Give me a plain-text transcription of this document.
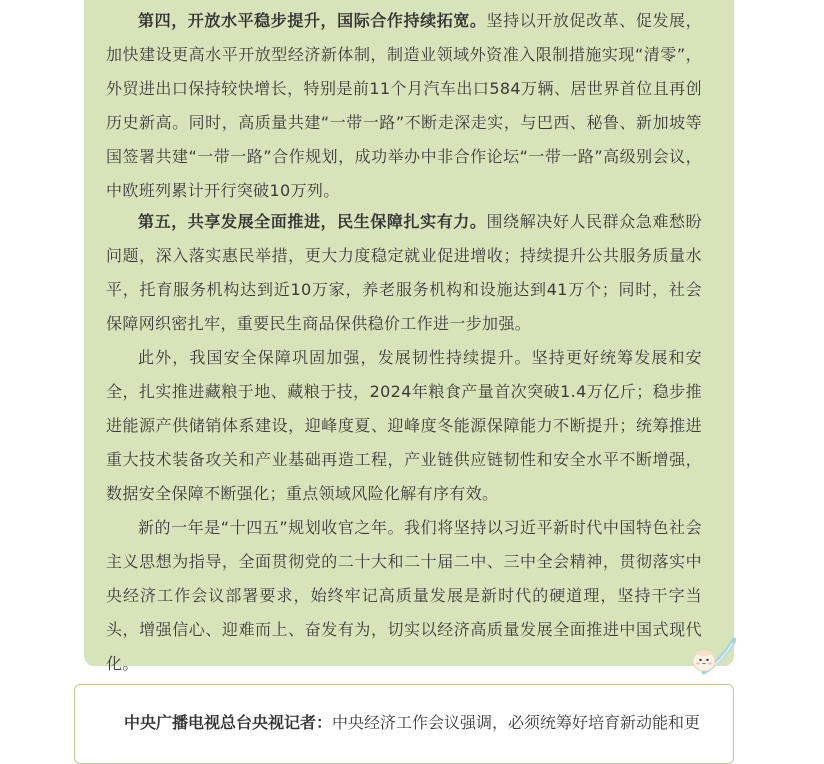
第四，开放水平稳步提升，国际合作持续拓宽。坚持以开放促改革、促发展，加快建设更高水平开放型经济新体制，制造业领域外资准入限制措施实现“清零”，外贸进出口保持较快增长，特别是前11个月汽车出口584万辆、居世界首位且再创历史新高。同时，高质量共建“一带一路”不断走深走实，与巴西、秘鲁、新加坡等国签署共建“一带一路”合作规划，成功举办中非合作论坛“一带一路”高级别会议，中欧班列累计开行突破10万列。

第五，共享发展全面推进，民生保障扎实有力。围绕解决好人民群众急难愁盼问题，深入落实惠民举措，更大力度稳定就业促进增收；持续提升公共服务质量水平，托育服务机构达到近10万家，养老服务机构和设施达到41万个；同时，社会保障网织密扎牢，重要民生商品保供稳价工作进一步加强。

此外，我国安全保障巩固加强，发展韧性持续提升。坚持更好统筹发展和安全，扎实推进藏粮于地、藏粮于技，2024年粮食产量首次突破1.4万亿斤；稳步推进能源产供储销体系建设，迎峰度夏、迎峰度冬能源保障能力不断提升；统筹推进重大技术装备攻关和产业基础再造工程，产业链供应链韧性和安全水平不断增强，数据安全保障不断强化；重点领域风险化解有序有效。

新的一年是“十四五”规划收官之年。我们将坚持以习近平新时代中国特色社会主义思想为指导，全面贯彻党的二十大和二十届二中、三中全会精神，贯彻落实中央经济工作会议部署要求，始终牢记高质量发展是新时代的硬道理，坚持干字当头，增强信心、迎难而上、奋发有为，切实以经济高质量发展全面推进中国式现代化。

中央广播电视总台央视记者：中央经济工作会议强调，必须统筹好培育新动能和更
